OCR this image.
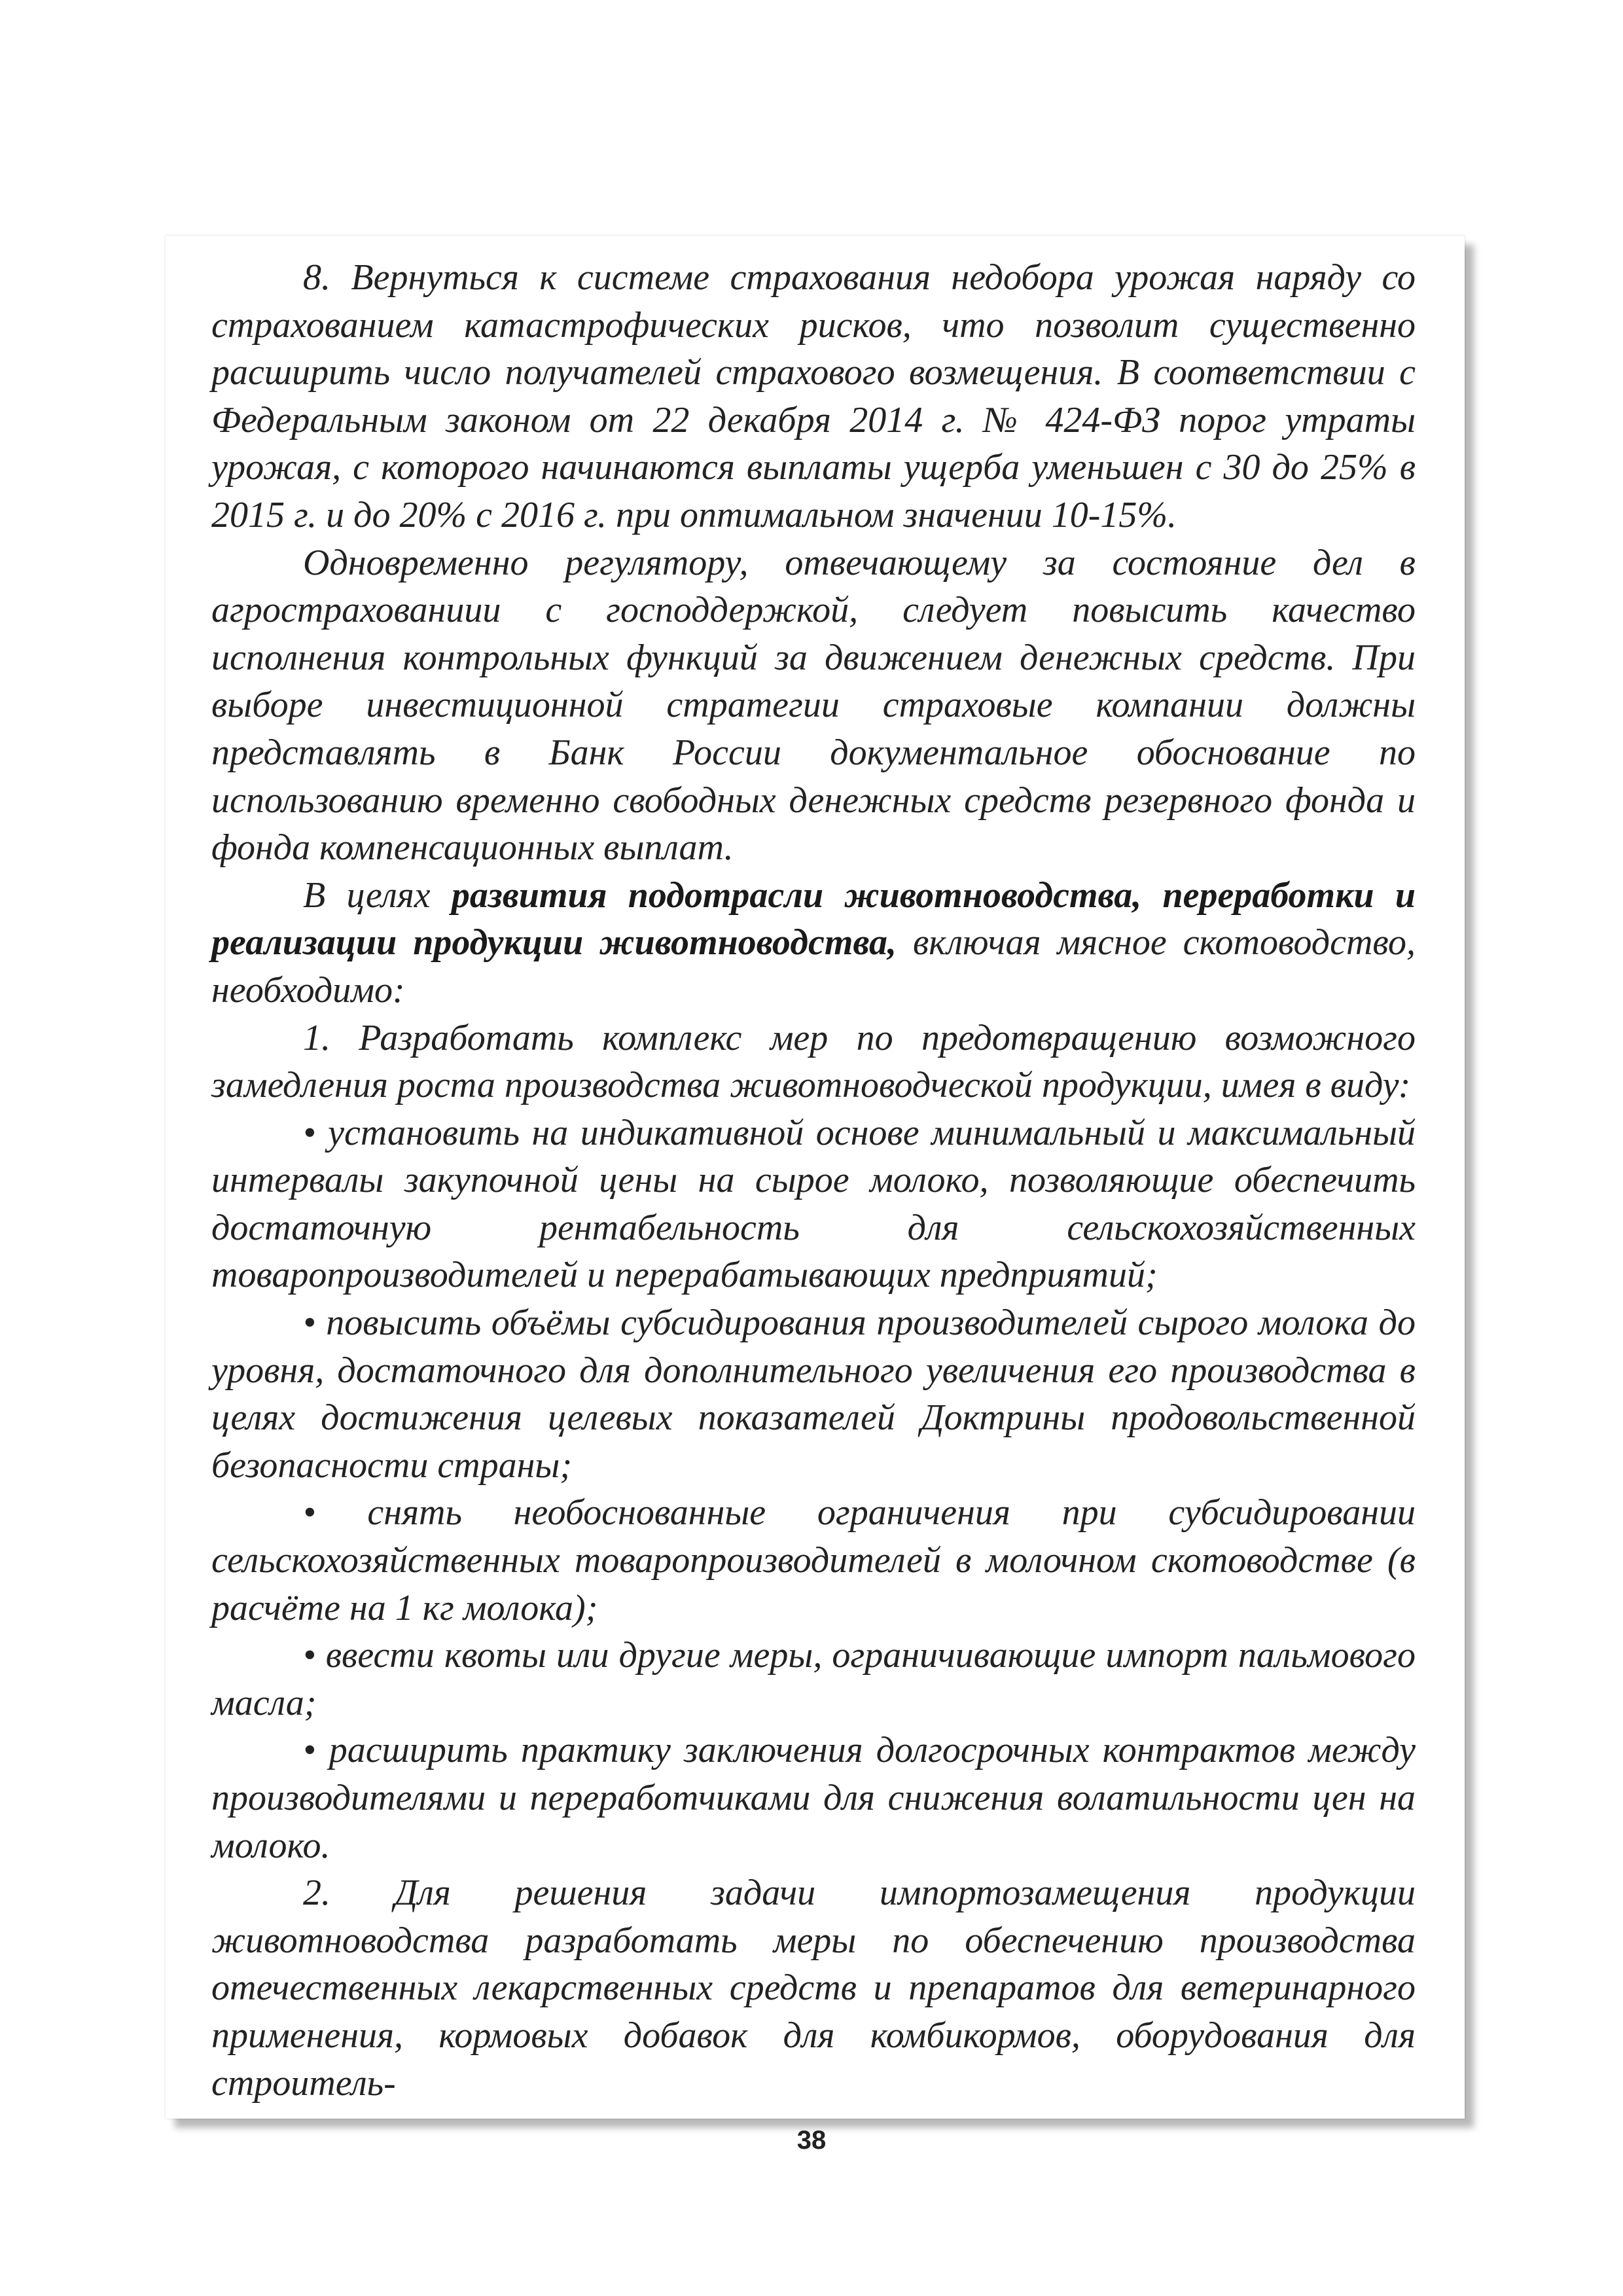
8. Вернуться к системе страхования недобора урожая наряду со страхованием катастрофических рисков, что позволит существенно расширить число получателей страхового возмещения. В соответствии с Федеральным законом от 22 декабря 2014 г. № 424-ФЗ порог утраты урожая, с которого начинаются выплаты ущерба уменьшен с 30 до 25% в 2015 г. и до 20% с 2016 г. при оптимальном значении 10-15%.

Одновременно регулятору, отвечающему за состояние дел в агрострахованиии с господдержкой, следует повысить качество исполнения контрольных функций за движением денежных средств. При выборе инвестиционной стратегии страховые компании должны представлять в Банк России документальное обоснование по использованию временно свободных денежных средств резервного фонда и фонда компенсационных выплат.

В целях развития подотрасли животноводства, переработки и реализации продукции животноводства, включая мясное скотоводство, необходимо:

1. Разработать комплекс мер по предотвращению возможного замедления роста производства животноводческой продукции, имея в виду:

• установить на индикативной основе минимальный и максимальный интервалы закупочной цены на сырое молоко, позволяющие обеспечить достаточную рентабельность для сельскохозяйственных товаропроизводителей и перерабатывающих предприятий;

• повысить объёмы субсидирования производителей сырого молока до уровня, достаточного для дополнительного увеличения его производства в целях достижения целевых показателей Доктрины продовольственной безопасности страны;

• снять необоснованные ограничения при субсидировании сельскохозяйственных товаропроизводителей в молочном скотоводстве (в расчёте на 1 кг молока);

• ввести квоты или другие меры, ограничивающие импорт пальмового масла;

• расширить практику заключения долгосрочных контрактов между производителями и переработчиками для снижения волатильности цен на молоко.

2. Для решения задачи импортозамещения продукции животноводства разработать меры по обеспечению производства отечественных лекарственных средств и препаратов для ветеринарного применения, кормовых добавок для комбикормов, оборудования для строитель-

38
